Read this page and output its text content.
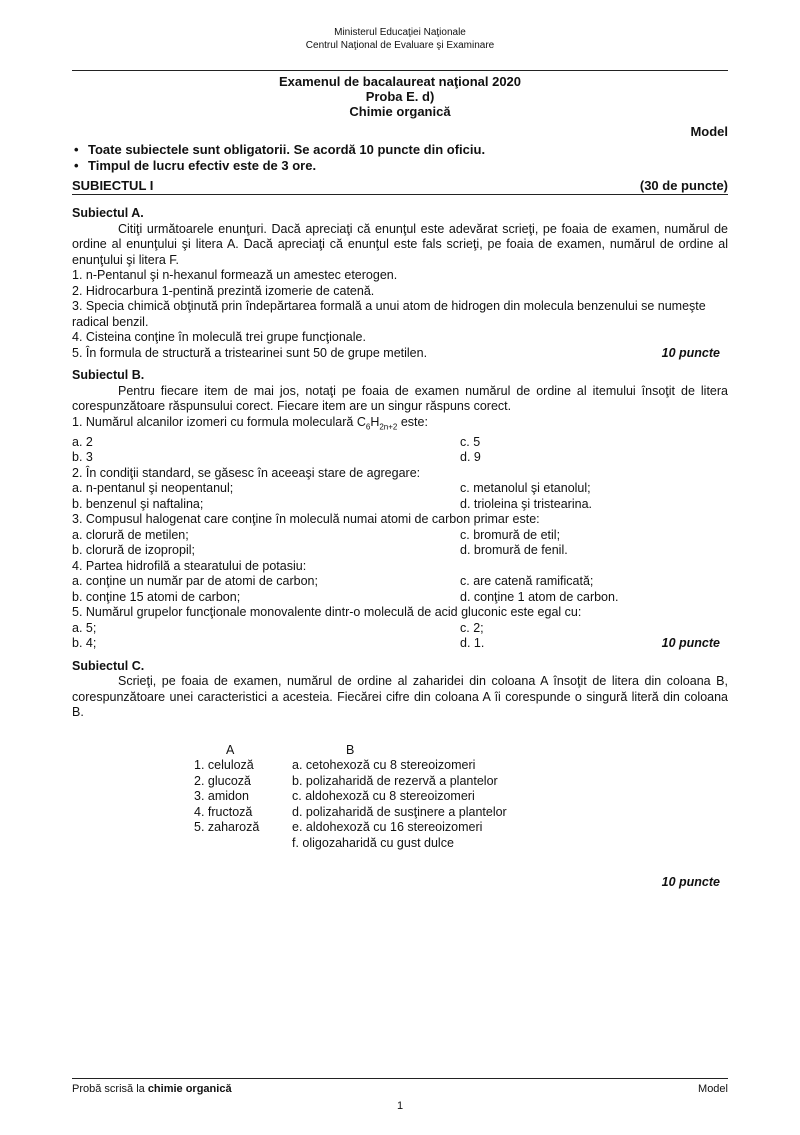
Ministerul Educaţiei Naţionale
Centrul Naţional de Evaluare şi Examinare
Examenul de bacalaureat naţional 2020
Proba E. d)
Chimie organică
Model
• Toate subiectele sunt obligatorii. Se acordă 10 puncte din oficiu.
• Timpul de lucru efectiv este de 3 ore.
SUBIECTUL I	(30 de puncte)
Subiectul A.
Citiţi următoarele enunţuri. Dacă apreciaţi că enunţul este adevărat scrieţi, pe foaia de examen, numărul de ordine al enunţului şi litera A. Dacă apreciaţi că enunţul este fals scrieţi, pe foaia de examen, numărul de ordine al enunţului şi litera F.
1. n-Pentanul şi n-hexanul formează un amestec eterogen.
2. Hidrocarbura 1-pentină prezintă izomerie de catenă.
3. Specia chimică obţinută prin îndepărtarea formală a unui atom de hidrogen din molecula benzenului se numeşte radical benzil.
4. Cisteina conţine în moleculă trei grupe funcţionale.
5. În formula de structură a tristearinei sunt 50 de grupe metilen.	10 puncte
Subiectul B.
Pentru fiecare item de mai jos, notaţi pe foaia de examen numărul de ordine al itemului însoţit de litera corespunzătoare răspunsului corect. Fiecare item are un singur răspuns corect.
1. Numărul alcanilor izomeri cu formula moleculară $C_6H_{2n+2}$ este:
a. 2	c. 5
b. 3	d. 9
2. În condiţii standard, se găsesc în aceeaşi stare de agregare:
a. n-pentanul şi neopentanul;	c. metanolul şi etanolul;
b. benzenul şi naftalina;	d. trioleina şi tristearina.
3. Compusul halogenat care conţine în moleculă numai atomi de carbon primar este:
a. clorură de metilen;	c. bromură de etil;
b. clorură de izopropil;	d. bromură de fenil.
4. Partea hidrofilă a stearatului de potasiu:
a. conţine un număr par de atomi de carbon;	c. are catenă ramificată;
b. conţine 15 atomi de carbon;	d. conţine 1 atom de carbon.
5. Numărul grupelor funcţionale monovalente dintr-o moleculă de acid gluconic este egal cu:
a. 5;	c. 2;
b. 4;	d. 1.	10 puncte
Subiectul C.
Scrieţi, pe foaia de examen, numărul de ordine al zaharidei din coloana A însoţit de litera din coloana B, corespunzătoare unei caracteristici a acesteia. Fiecărei cifre din coloana A îi corespunde o singură literă din coloana B.
A	B
1. celuloză	a. cetohexoză cu 8 stereoizomeri
2. glucoză	b. polizaharidă de rezervă a plantelor
3. amidon	c. aldohexoză cu 8 stereoizomeri
4. fructoză	d. polizaharidă de susţinere a plantelor
5. zaharoză	e. aldohexoză cu 16 stereoizomeri
f. oligozaharidă cu gust dulce
10 puncte
Probă scrisă la chimie organică	Model
1
